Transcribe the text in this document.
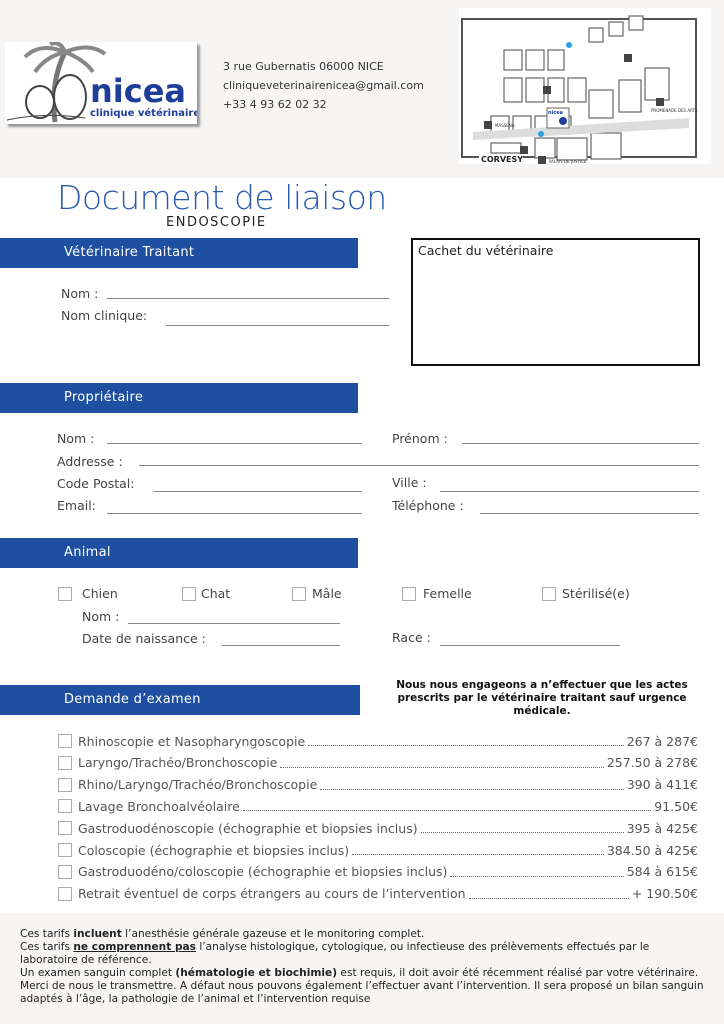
nicea
clinique vétérinaire
3 rue Gubernatis 06000 NICE
cliniqueveterinairenicea@gmail.com
+33 4 93 62 02 32
nicea
MASSENA
PALAIS DE JUSTICE
PROMENADE DES ARTS
CORVESY
Document de liaison
ENDOSCOPIE
Vétérinaire Traitant	Cachet du vétérinaire
Nom :
Nom clinique:
Propriétaire
Nom :	Prénom :
Addresse :
Code Postal:	Ville :
Email:	Téléphone :
Animal
Chien	Chat	Mâle	Femelle	Stérilisé(e)
Nom :
Date de naissance :	Race :
Demande d’examen
Nous nous engageons a n’effectuer que les actes prescrits par le vétérinaire traitant sauf urgence médicale.
Rhinoscopie et Nasopharyngoscopie	267 à 287€
Laryngo/Trachéo/Bronchoscopie	257.50 à 278€
Rhino/Laryngo/Trachéo/Bronchoscopie	390 à 411€
Lavage Bronchoalvéolaire	91.50€
Gastroduodénoscopie (échographie et biopsies inclus)	395 à 425€
Coloscopie (échographie et biopsies inclus)	384.50 à 425€
Gastroduodéno/coloscopie (échographie et biopsies inclus)	584 à 615€
Retrait éventuel de corps étrangers au cours de l’intervention	+ 190.50€

Ces tarifs incluent l’anesthésie générale gazeuse et le monitoring complet.
Ces tarifs ne comprennent pas l’analyse histologique, cytologique, ou infectieuse des prélèvements effectués par le laboratoire de référence.
Un examen sanguin complet (hématologie et biochimie) est requis, il doit avoir été récemment réalisé par votre vétérinaire. Merci de nous le transmettre. A défaut nous pouvons également l’effectuer avant l’intervention. Il sera proposé un bilan sanguin adaptés à l’âge, la pathologie de l’animal et l’intervention requise
